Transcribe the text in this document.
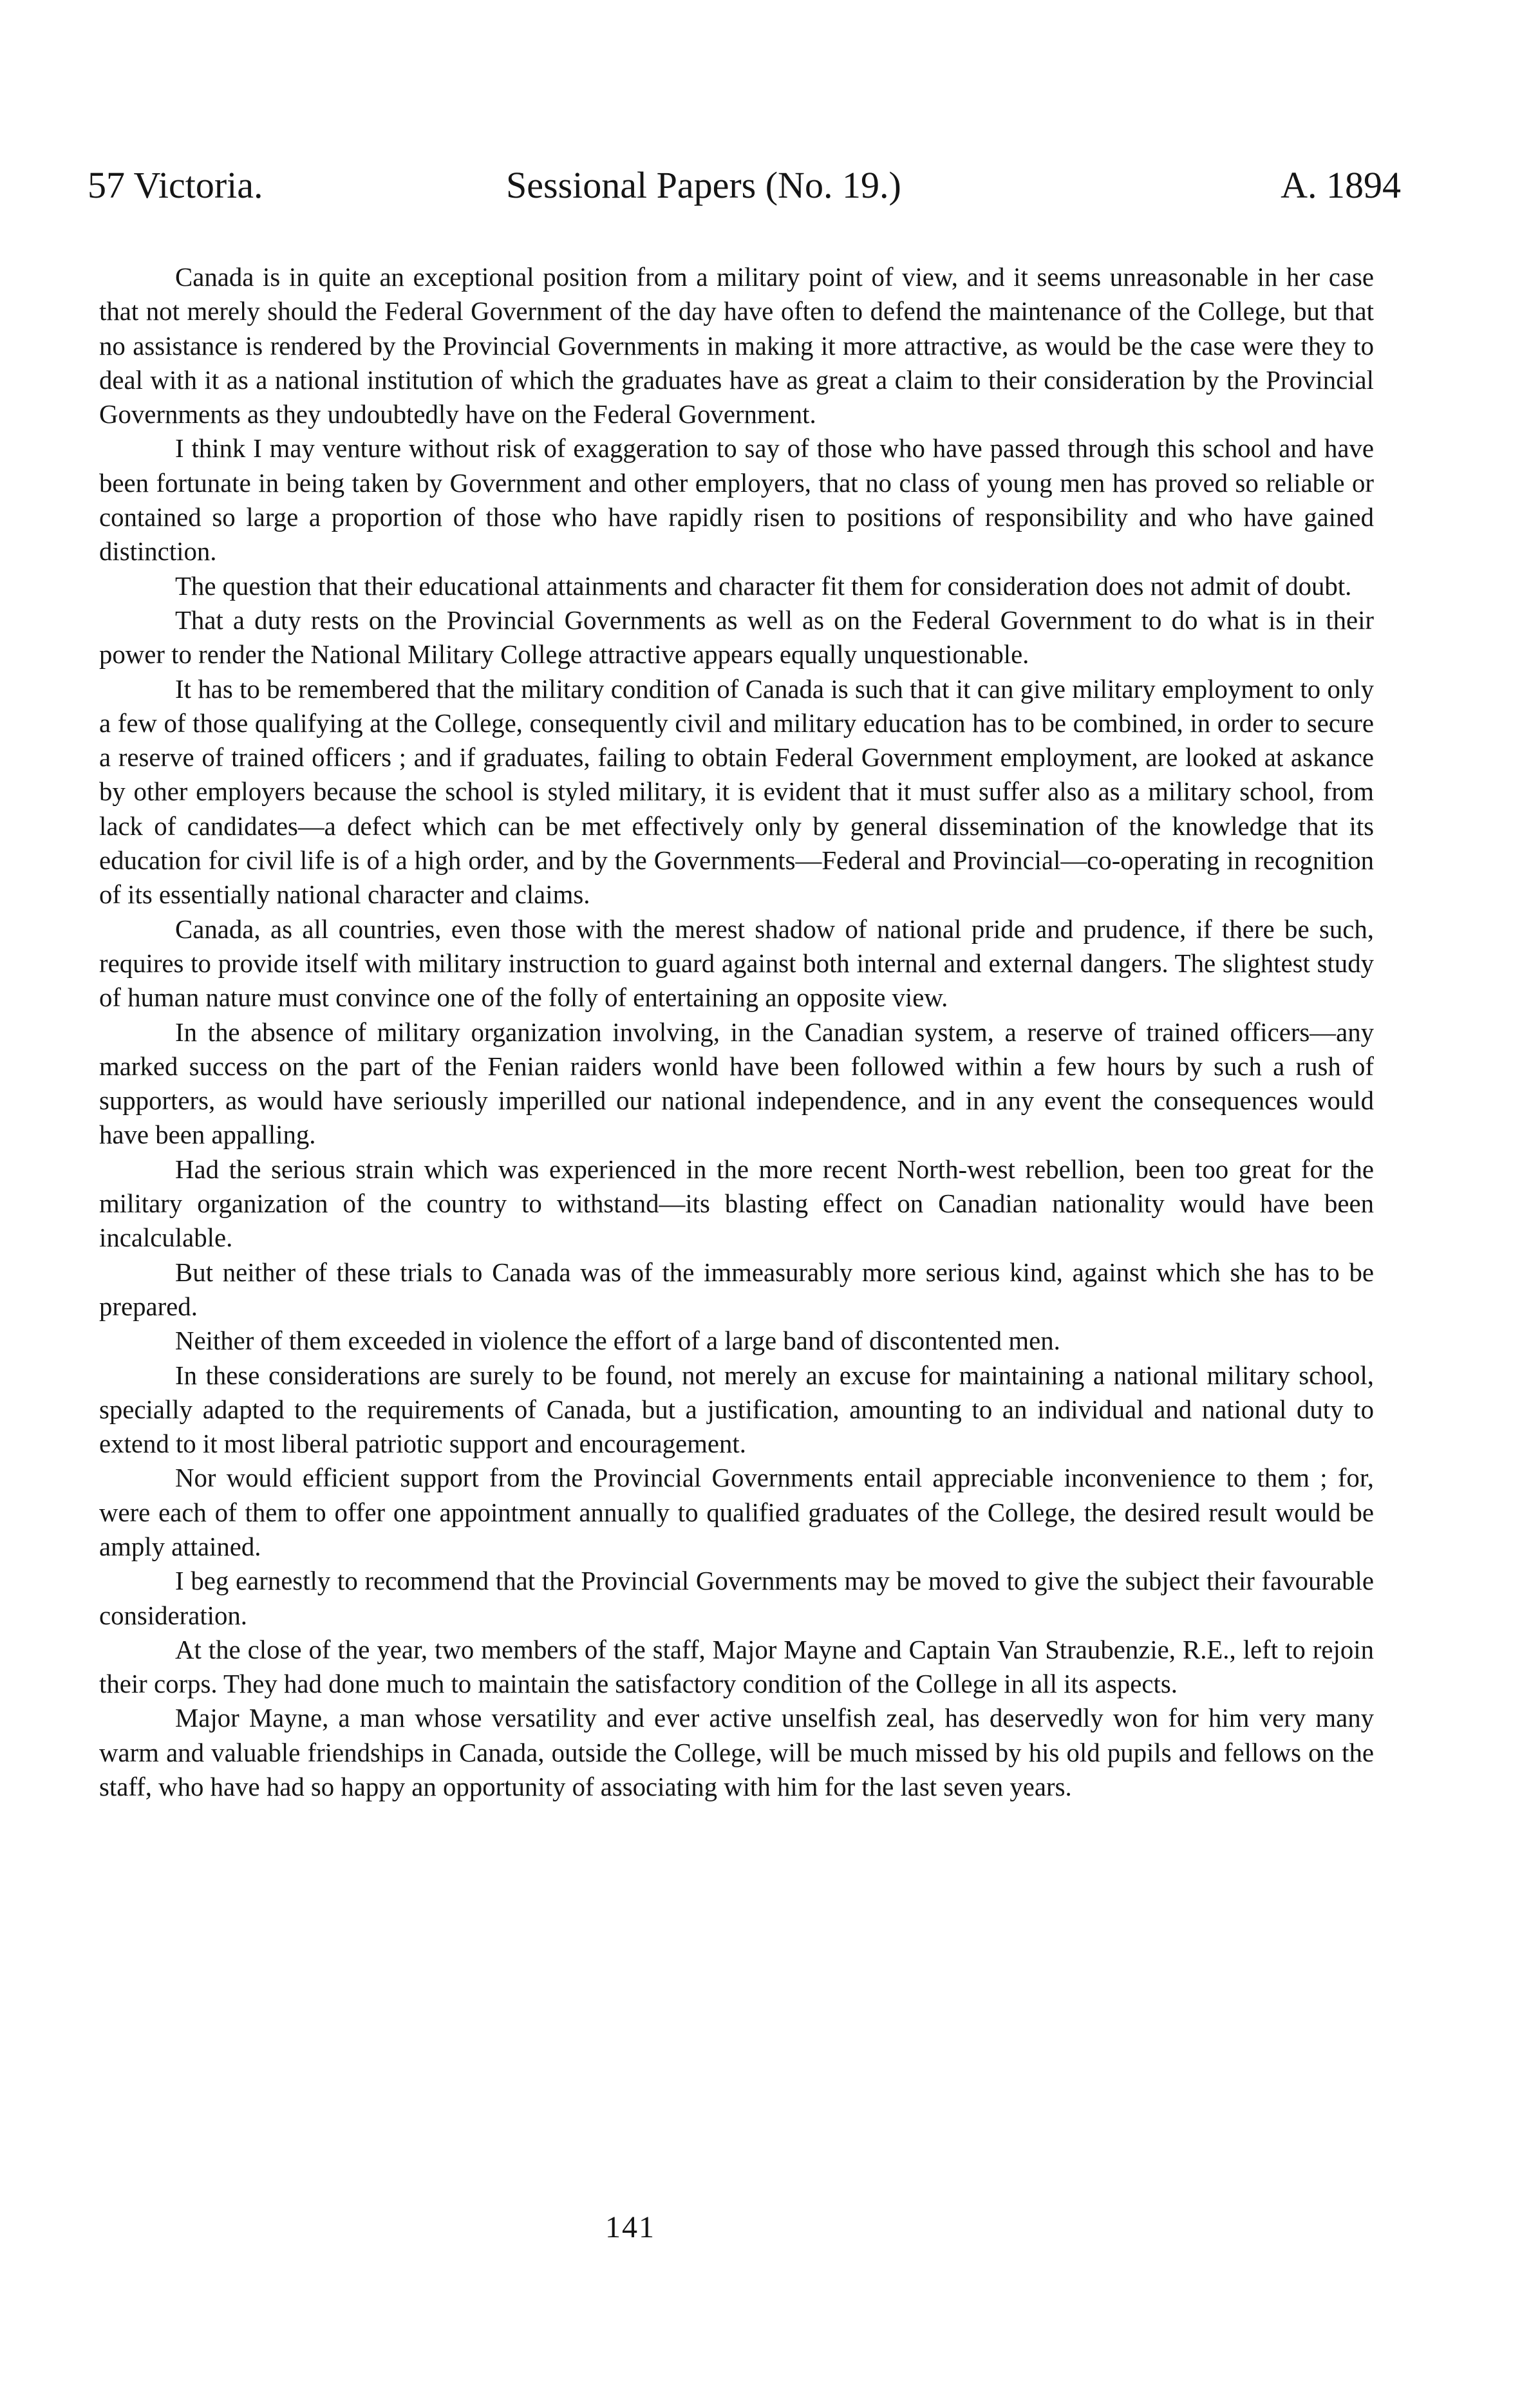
57 Victoria.	Sessional Papers (No. 19.)	A. 1894

Canada is in quite an exceptional position from a military point of view, and it seems unreasonable in her case that not merely should the Federal Government of the day have often to defend the maintenance of the College, but that no assistance is rendered by the Provincial Governments in making it more attractive, as would be the case were they to deal with it as a national institution of which the graduates have as great a claim to their consideration by the Provincial Governments as they undoubtedly have on the Federal Government.

I think I may venture without risk of exaggeration to say of those who have passed through this school and have been fortunate in being taken by Government and other employers, that no class of young men has proved so reliable or contained so large a proportion of those who have rapidly risen to positions of responsibility and who have gained distinction.

The question that their educational attainments and character fit them for consideration does not admit of doubt.

That a duty rests on the Provincial Governments as well as on the Federal Government to do what is in their power to render the National Military College attractive appears equally unquestionable.

It has to be remembered that the military condition of Canada is such that it can give military employment to only a few of those qualifying at the College, consequently civil and military education has to be combined, in order to secure a reserve of trained officers ; and if graduates, failing to obtain Federal Government employment, are looked at askance by other employers because the school is styled military, it is evident that it must suffer also as a military school, from lack of candidates—a defect which can be met effectively only by general dissemination of the knowledge that its education for civil life is of a high order, and by the Governments—Federal and Provincial—co-operating in recognition of its essentially national character and claims.

Canada, as all countries, even those with the merest shadow of national pride and prudence, if there be such, requires to provide itself with military instruction to guard against both internal and external dangers. The slightest study of human nature must convince one of the folly of entertaining an opposite view.

In the absence of military organization involving, in the Canadian system, a reserve of trained officers—any marked success on the part of the Fenian raiders wonld have been followed within a few hours by such a rush of supporters, as would have seriously imperilled our national independence, and in any event the consequences would have been appalling.

Had the serious strain which was experienced in the more recent North-west rebellion, been too great for the military organization of the country to withstand—its blasting effect on Canadian nationality would have been incalculable.

But neither of these trials to Canada was of the immeasurably more serious kind, against which she has to be prepared.

Neither of them exceeded in violence the effort of a large band of discontented men.

In these considerations are surely to be found, not merely an excuse for maintaining a national military school, specially adapted to the requirements of Canada, but a justification, amounting to an individual and national duty to extend to it most liberal patriotic support and encouragement.

Nor would efficient support from the Provincial Governments entail appreciable inconvenience to them ; for, were each of them to offer one appointment annually to qualified graduates of the College, the desired result would be amply attained.

I beg earnestly to recommend that the Provincial Governments may be moved to give the subject their favourable consideration.

At the close of the year, two members of the staff, Major Mayne and Captain Van Straubenzie, R.E., left to rejoin their corps. They had done much to maintain the satisfactory condition of the College in all its aspects.

Major Mayne, a man whose versatility and ever active unselfish zeal, has deservedly won for him very many warm and valuable friendships in Canada, outside the College, will be much missed by his old pupils and fellows on the staff, who have had so happy an opportunity of associating with him for the last seven years.

141
